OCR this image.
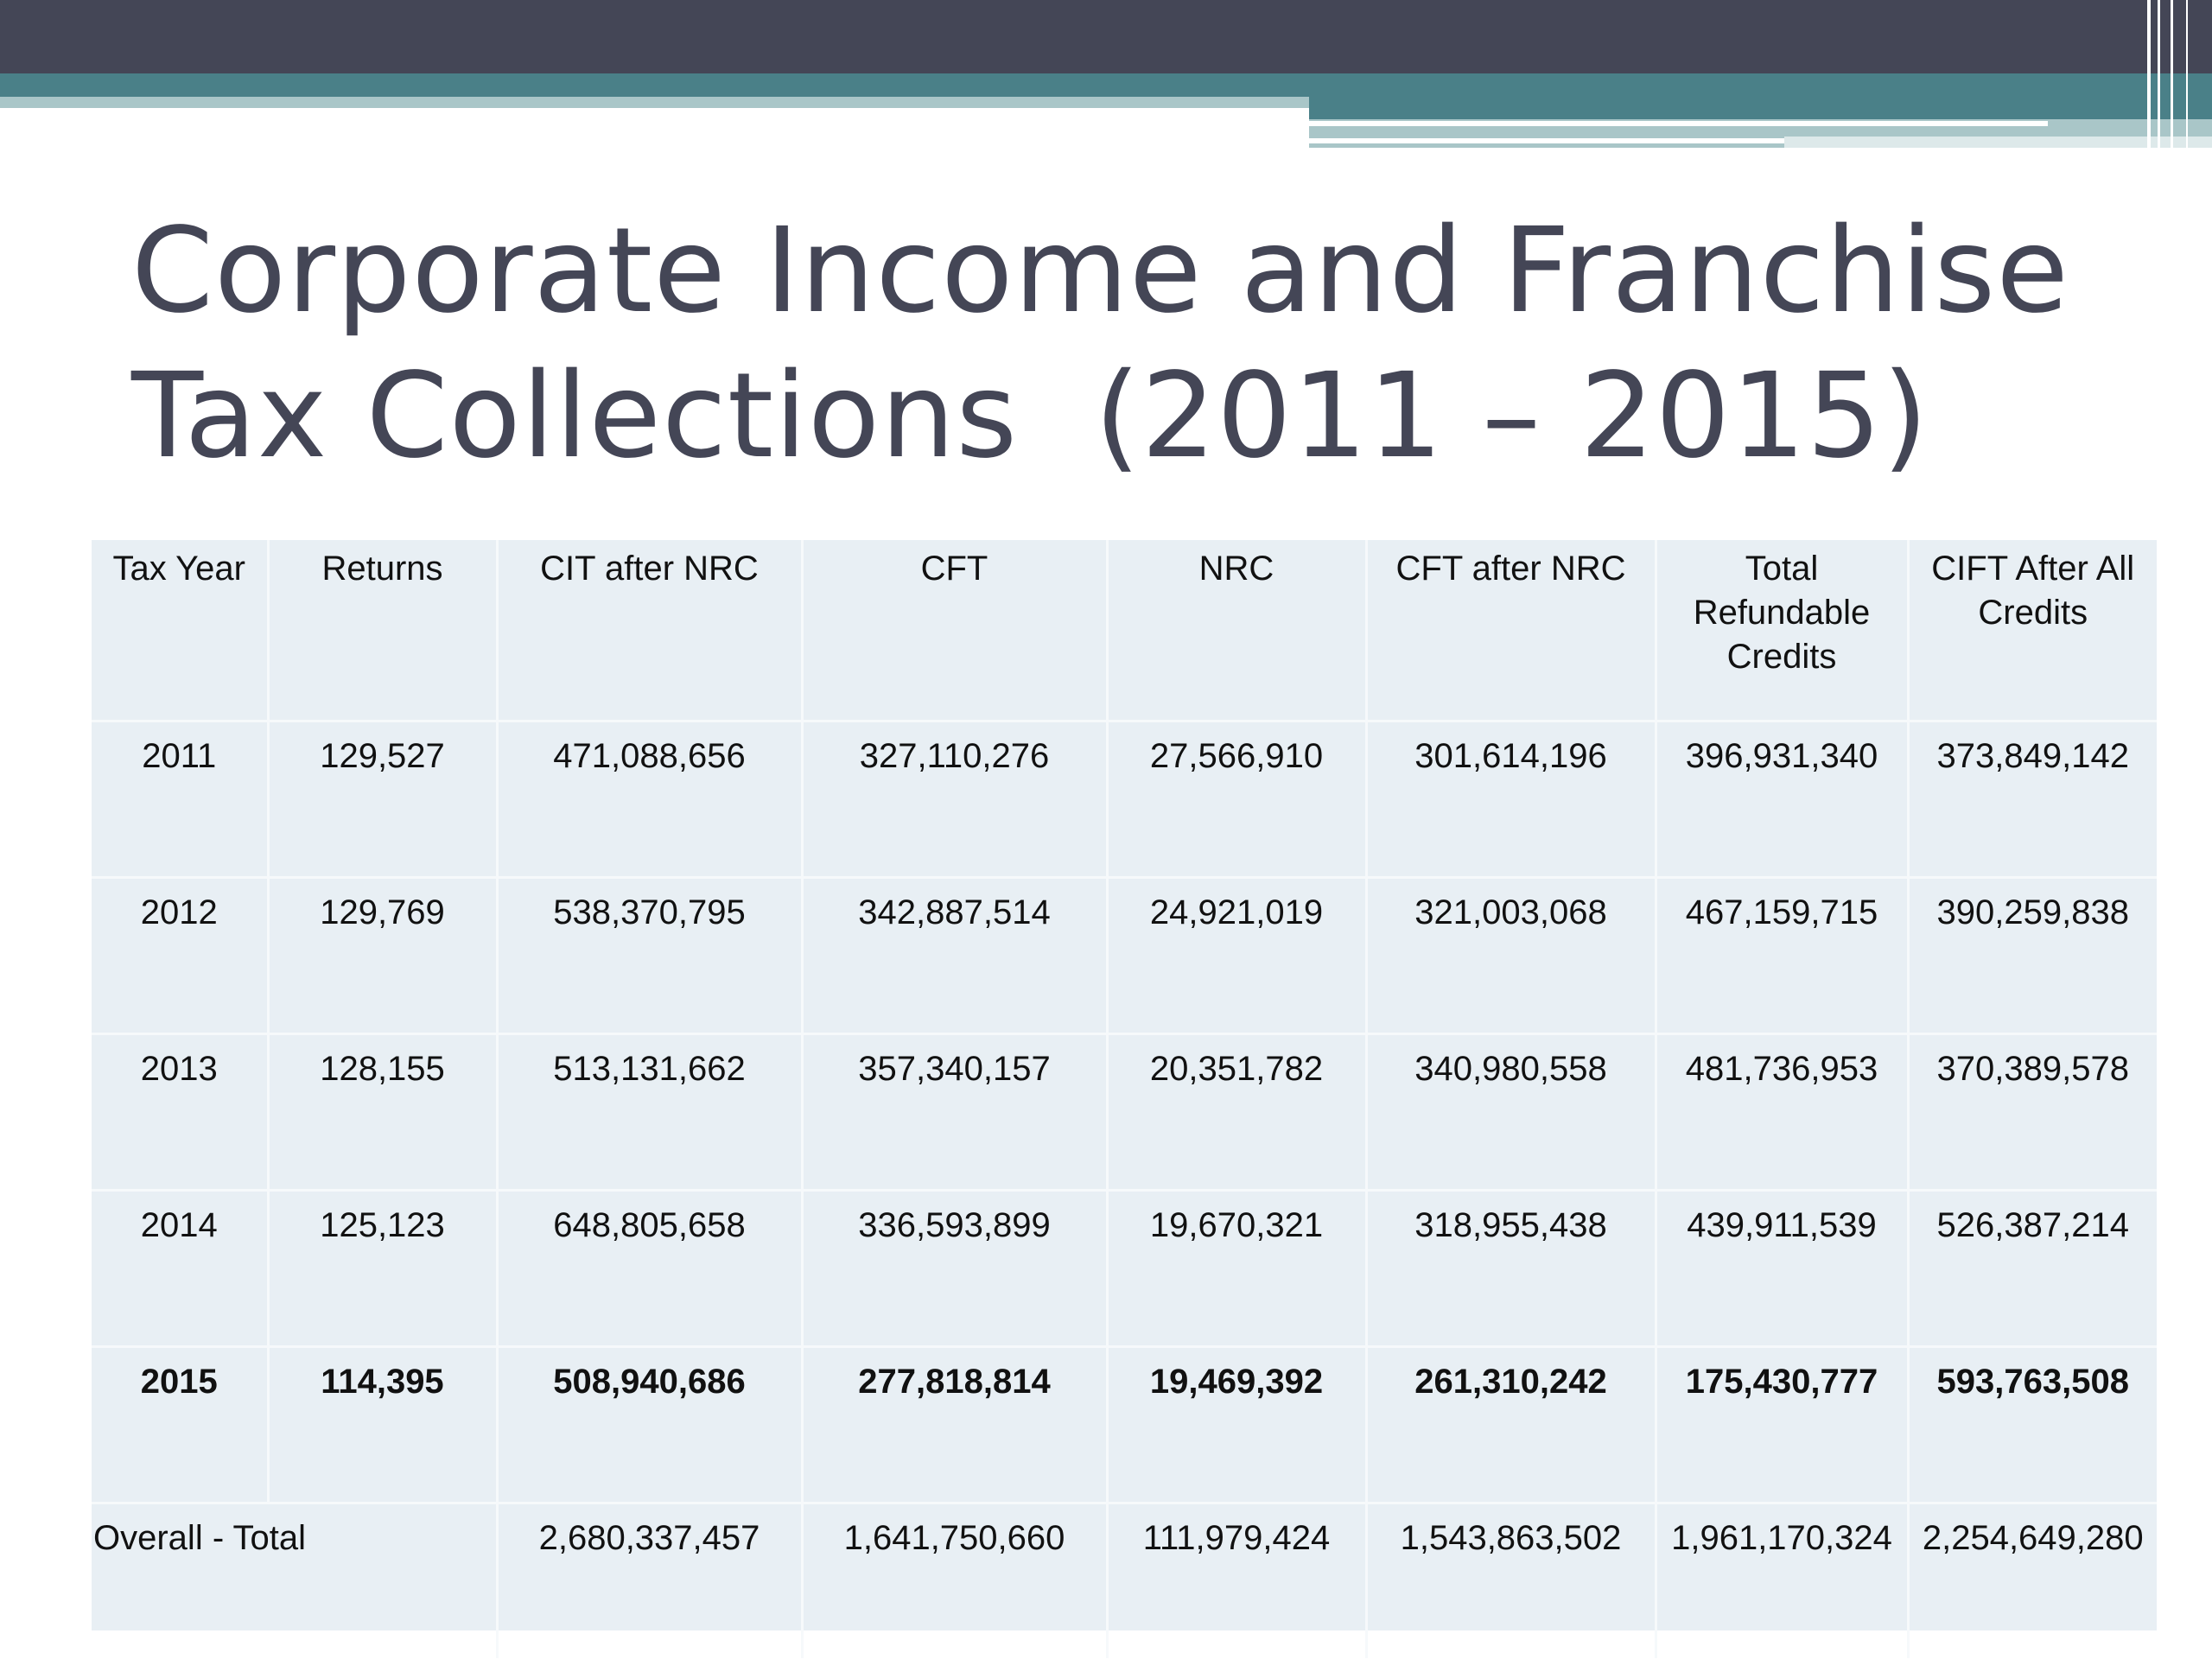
Corporate Income and Franchise
Tax Collections  (2011 – 2015)
Tax Year	Returns	CIT after NRC	CFT	NRC	CFT after NRC	Total Refundable Credits	CIFT After All Credits
2011	129,527	471,088,656	327,110,276	27,566,910	301,614,196	396,931,340	373,849,142
2012	129,769	538,370,795	342,887,514	24,921,019	321,003,068	467,159,715	390,259,838
2013	128,155	513,131,662	357,340,157	20,351,782	340,980,558	481,736,953	370,389,578
2014	125,123	648,805,658	336,593,899	19,670,321	318,955,438	439,911,539	526,387,214
2015	114,395	508,940,686	277,818,814	19,469,392	261,310,242	175,430,777	593,763,508
Overall - Total		2,680,337,457	1,641,750,660	111,979,424	1,543,863,502	1,961,170,324	2,254,649,280
